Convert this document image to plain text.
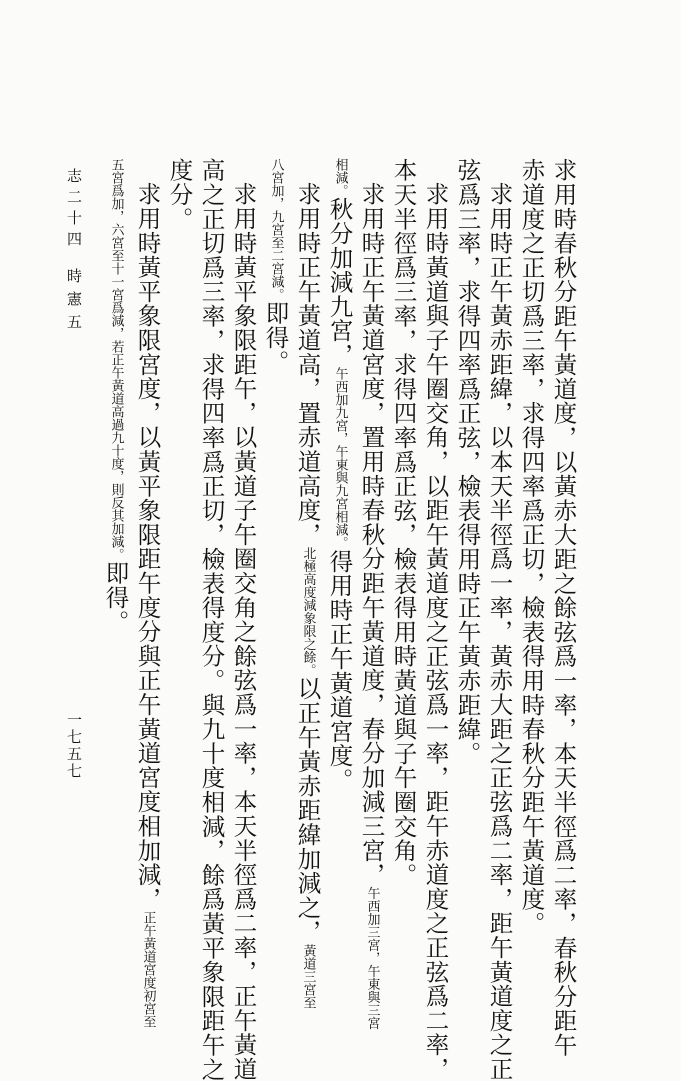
求用時春秋分距午黃道度，以黃赤大距之餘弦爲一率，本天半徑爲二率，春秋分距午
赤道度之正切爲三率，求得四率爲正切，檢表得用時春秋分距午黃道度。
求用時正午黃赤距緯，以本天半徑爲一率，黃赤大距之正弦爲二率，距午黃道度之正
弦爲三率，求得四率爲正弦，檢表得用時正午黃赤距緯。
求用時黃道與子午圈交角，以距午黃道度之正弦爲一率，距午赤道度之正弦爲二率，
本天半徑爲三率，求得四率爲正弦，檢表得用時黃道與子午圈交角。
求用時正午黃道宮度，置用時春秋分距午黃道度，春分加減三宮，午西加三宮，午東與三宮
相減。秋分加減九宮，午西加九宮，午東與九宮相減。得用時正午黃道宮度。
求用時正午黃道高，置赤道高度，北極高度減象限之餘。以正午黃赤距緯加減之，黃道三宮至
八宮加，九宮至二宮減。即得。
求用時黃平象限距午，以黃道子午圈交角之餘弦爲一率，本天半徑爲二率，正午黃道
高之正切爲三率，求得四率爲正切，檢表得度分。與九十度相減，餘爲黃平象限距午之
度分。
求用時黃平象限宮度，以黃平象限距午度分與正午黃道宮度相加減，正午黃道宮度初宮至
五宮爲加，六宮至十一宮爲減，若正午黃道高過九十度，則反其加減。即得。
志二十四
時憲五
一七五七
